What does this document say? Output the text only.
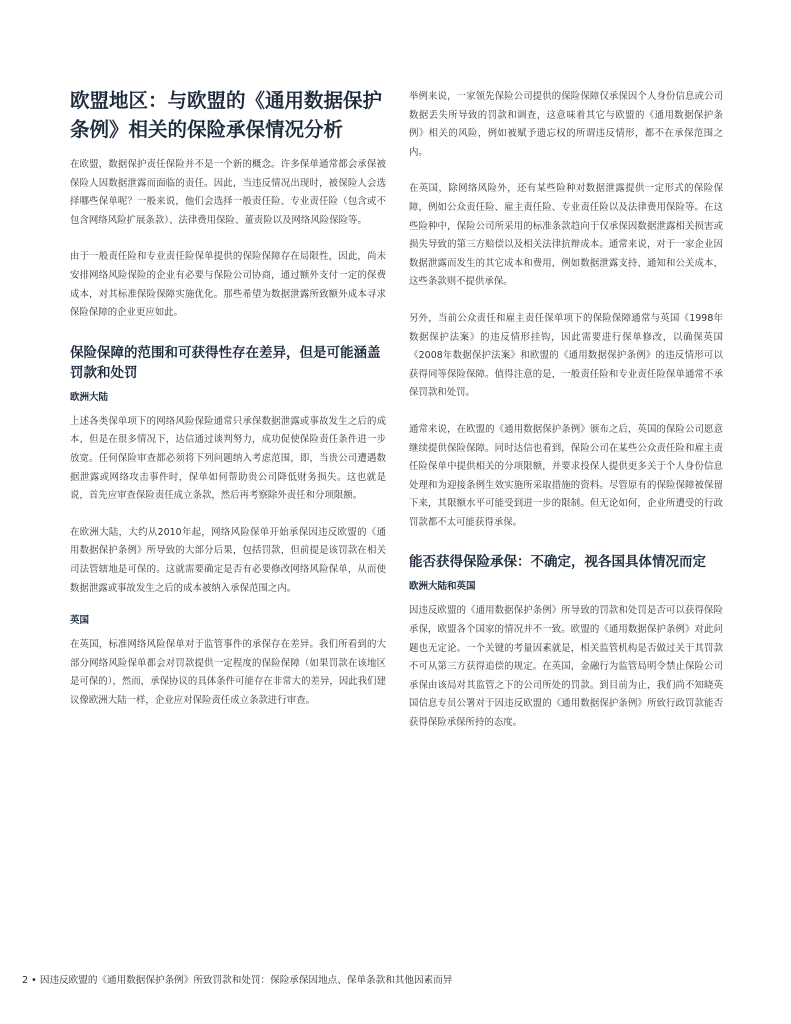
欧盟地区：与欧盟的《通用数据保护条例》相关的保险承保情况分析

在欧盟，数据保护责任保险并不是一个新的概念。许多保单通常都会承保被保险人因数据泄露而面临的责任。因此，当违反情况出现时，被保险人会选择哪些保单呢？一般来说，他们会选择一般责任险、专业责任险（包含或不包含网络风险扩展条款）、法律费用保险、董责险以及网络风险保险等。

由于一般责任险和专业责任险保单提供的保险保障存在局限性，因此，尚未安排网络风险保险的企业有必要与保险公司协商，通过额外支付一定的保费成本，对其标准保险保障实施优化。那些希望为数据泄露所致额外成本寻求保险保障的企业更应如此。

保险保障的范围和可获得性存在差异，但是可能涵盖罚款和处罚
欧洲大陆

上述各类保单项下的网络风险保险通常只承保数据泄露或事故发生之后的成本，但是在很多情况下，达信通过谈判努力，成功促使保险责任条件进一步放宽。任何保险审查都必须将下列问题纳入考虑范围，即，当贵公司遭遇数据泄露或网络攻击事件时，保单如何帮助贵公司降低财务损失。这也就是说，首先应审查保险责任成立条款，然后再考察除外责任和分项限额。

在欧洲大陆，大约从2010年起，网络风险保单开始承保因违反欧盟的《通用数据保护条例》所导致的大部分后果，包括罚款，但前提是该罚款在相关司法管辖地是可保的。这就需要确定是否有必要修改网络风险保单，从而使数据泄露或事故发生之后的成本被纳入承保范围之内。

英国

在英国，标准网络风险保单对于监管事件的承保存在差异。我们所看到的大部分网络风险保单都会对罚款提供一定程度的保险保障（如果罚款在该地区是可保的），然而，承保协议的具体条件可能存在非常大的差异，因此我们建议像欧洲大陆一样，企业应对保险责任成立条款进行审查。

举例来说，一家领先保险公司提供的保险保障仅承保因个人身份信息或公司数据丢失所导致的罚款和调查，这意味着其它与欧盟的《通用数据保护条例》相关的风险，例如被赋予遗忘权的所谓违反情形，都不在承保范围之内。

在英国，除网络风险外，还有某些险种对数据泄露提供一定形式的保险保障，例如公众责任险、雇主责任险、专业责任险以及法律费用保险等。在这些险种中，保险公司所采用的标准条款趋向于仅承保因数据泄露相关损害或损失导致的第三方赔偿以及相关法律抗辩成本。通常来说，对于一家企业因数据泄露而发生的其它成本和费用，例如数据泄露支持、通知和公关成本，这些条款则不提供承保。

另外，当前公众责任和雇主责任保单项下的保险保障通常与英国《1998年数据保护法案》的违反情形挂钩，因此需要进行保单修改，以确保英国《2008年数据保护法案》和欧盟的《通用数据保护条例》的违反情形可以获得同等保险保障。值得注意的是，一般责任险和专业责任险保单通常不承保罚款和处罚。

通常来说，在欧盟的《通用数据保护条例》颁布之后，英国的保险公司愿意继续提供保险保障。同时达信也看到，保险公司在某些公众责任险和雇主责任险保单中提供相关的分项限额，并要求投保人提供更多关于个人身份信息处理和为迎接条例生效实施所采取措施的资料。尽管原有的保险保障被保留下来，其限额水平可能受到进一步的限制。但无论如何，企业所遭受的行政罚款都不太可能获得承保。

能否获得保险承保：不确定，视各国具体情况而定
欧洲大陆和英国

因违反欧盟的《通用数据保护条例》所导致的罚款和处罚是否可以获得保险承保，欧盟各个国家的情况并不一致。欧盟的《通用数据保护条例》对此问题也无定论。一个关键的考量因素就是，相关监管机构是否做过关于其罚款不可从第三方获得追偿的规定。在英国，金融行为监管局明令禁止保险公司承保由该局对其监管之下的公司所处的罚款。到目前为止，我们尚不知晓英国信息专员公署对于因违反欧盟的《通用数据保护条例》所致行政罚款能否获得保险承保所持的态度。

2 • 因违反欧盟的《通用数据保护条例》所致罚款和处罚：保险承保因地点、保单条款和其他因素而异
